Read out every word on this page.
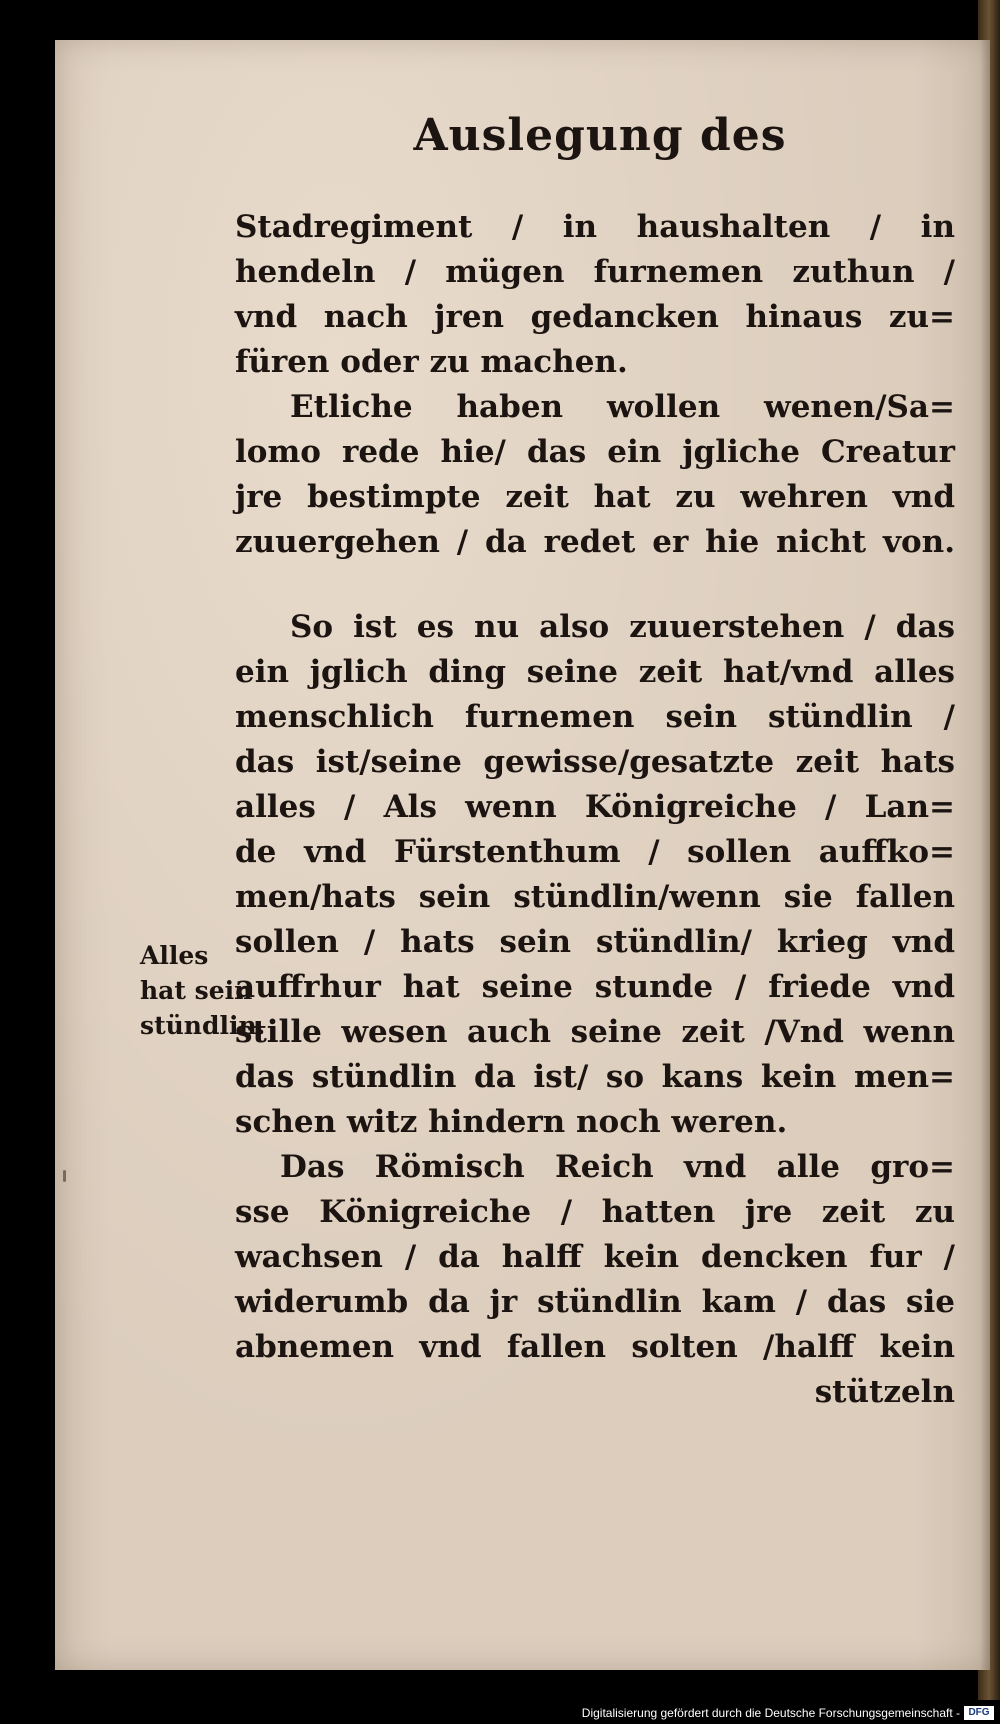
Auslegung des
Stadregiment / in haushalten / in
hendeln / mügen furnemen zuthun /
vnd nach jren gedancken hinaus zu=
füren oder zu machen.
Etliche haben wollen wenen/Sa=
lomo rede hie/ das ein jgliche Creatur
jre bestimpte zeit hat zu wehren vnd
zuuergehen / da redet er hie nicht von.
So ist es nu also zuuerstehen / das
ein jglich ding seine zeit hat/vnd alles
menschlich furnemen sein stündlin /
das ist/seine gewisse/gesatzte zeit hats
alles / Als wenn Königreiche / Lan=
de vnd Fürstenthum / sollen auffko=
men/hats sein stündlin/wenn sie fallen
sollen / hats sein stündlin/ krieg vnd
auffrhur hat seine stunde / friede vnd
stille wesen auch seine zeit /Vnd wenn
das stündlin da ist/ so kans kein men=
schen witz hindern noch weren.
Das Römisch Reich vnd alle gro=
sse Königreiche / hatten jre zeit zu
wachsen / da halff kein dencken fur /
widerumb da jr stündlin kam / das sie
abnemen vnd fallen solten /halff kein
stützeln
Alles
hat sein
stündlin.
Digitalisierung gefördert durch die Deutsche Forschungsgemeinschaft - DFG
